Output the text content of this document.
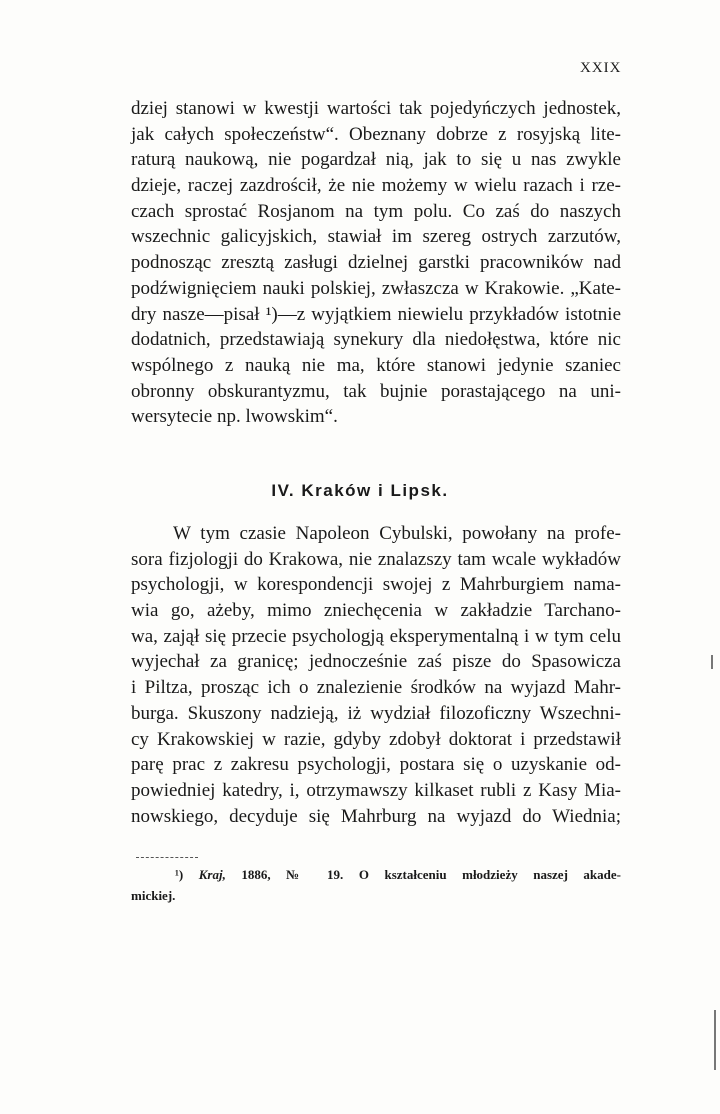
XXIX
dziej stanowi w kwestji wartości tak pojedyńczych jednostek,
jak całych społeczeństw“. Obeznany dobrze z rosyjską lite-
raturą naukową, nie pogardzał nią, jak to się u nas zwykle
dzieje, raczej zazdrościł, że nie możemy w wielu razach i rze-
czach sprostać Rosjanom na tym polu. Co zaś do naszych
wszechnic galicyjskich, stawiał im szereg ostrych zarzutów,
podnosząc zresztą zasługi dzielnej garstki pracowników nad
podźwignięciem nauki polskiej, zwłaszcza w Krakowie. „Kate-
dry nasze—pisał ¹)—z wyjątkiem niewielu przykładów istotnie
dodatnich, przedstawiają synekury dla niedołęstwa, które nic
wspólnego z nauką nie ma, które stanowi jedynie szaniec
obronny obskurantyzmu, tak bujnie porastającego na uni-
wersytecie np. lwowskim“.
IV. Kraków i Lipsk.
W tym czasie Napoleon Cybulski, powołany na profe-
sora fizjologji do Krakowa, nie znalazszy tam wcale wykładów
psychologji, w korespondencji swojej z Mahrburgiem nama-
wia go, ażeby, mimo zniechęcenia w zakładzie Tarchano-
wa, zajął się przecie psychologją eksperymentalną i w tym celu
wyjechał za granicę; jednocześnie zaś pisze do Spasowicza
i Piltza, prosząc ich o znalezienie środków na wyjazd Mahr-
burga. Skuszony nadzieją, iż wydział filozoficzny Wszechni-
cy Krakowskiej w razie, gdyby zdobył doktorat i przedstawił
parę prac z zakresu psychologji, postara się o uzyskanie od-
powiedniej katedry, i, otrzymawszy kilkaset rubli z Kasy Mia-
nowskiego, decyduje się Mahrburg na wyjazd do Wiednia;
¹) Kraj, 1886, № 19. O kształceniu młodzieży naszej akade-
mickiej.
